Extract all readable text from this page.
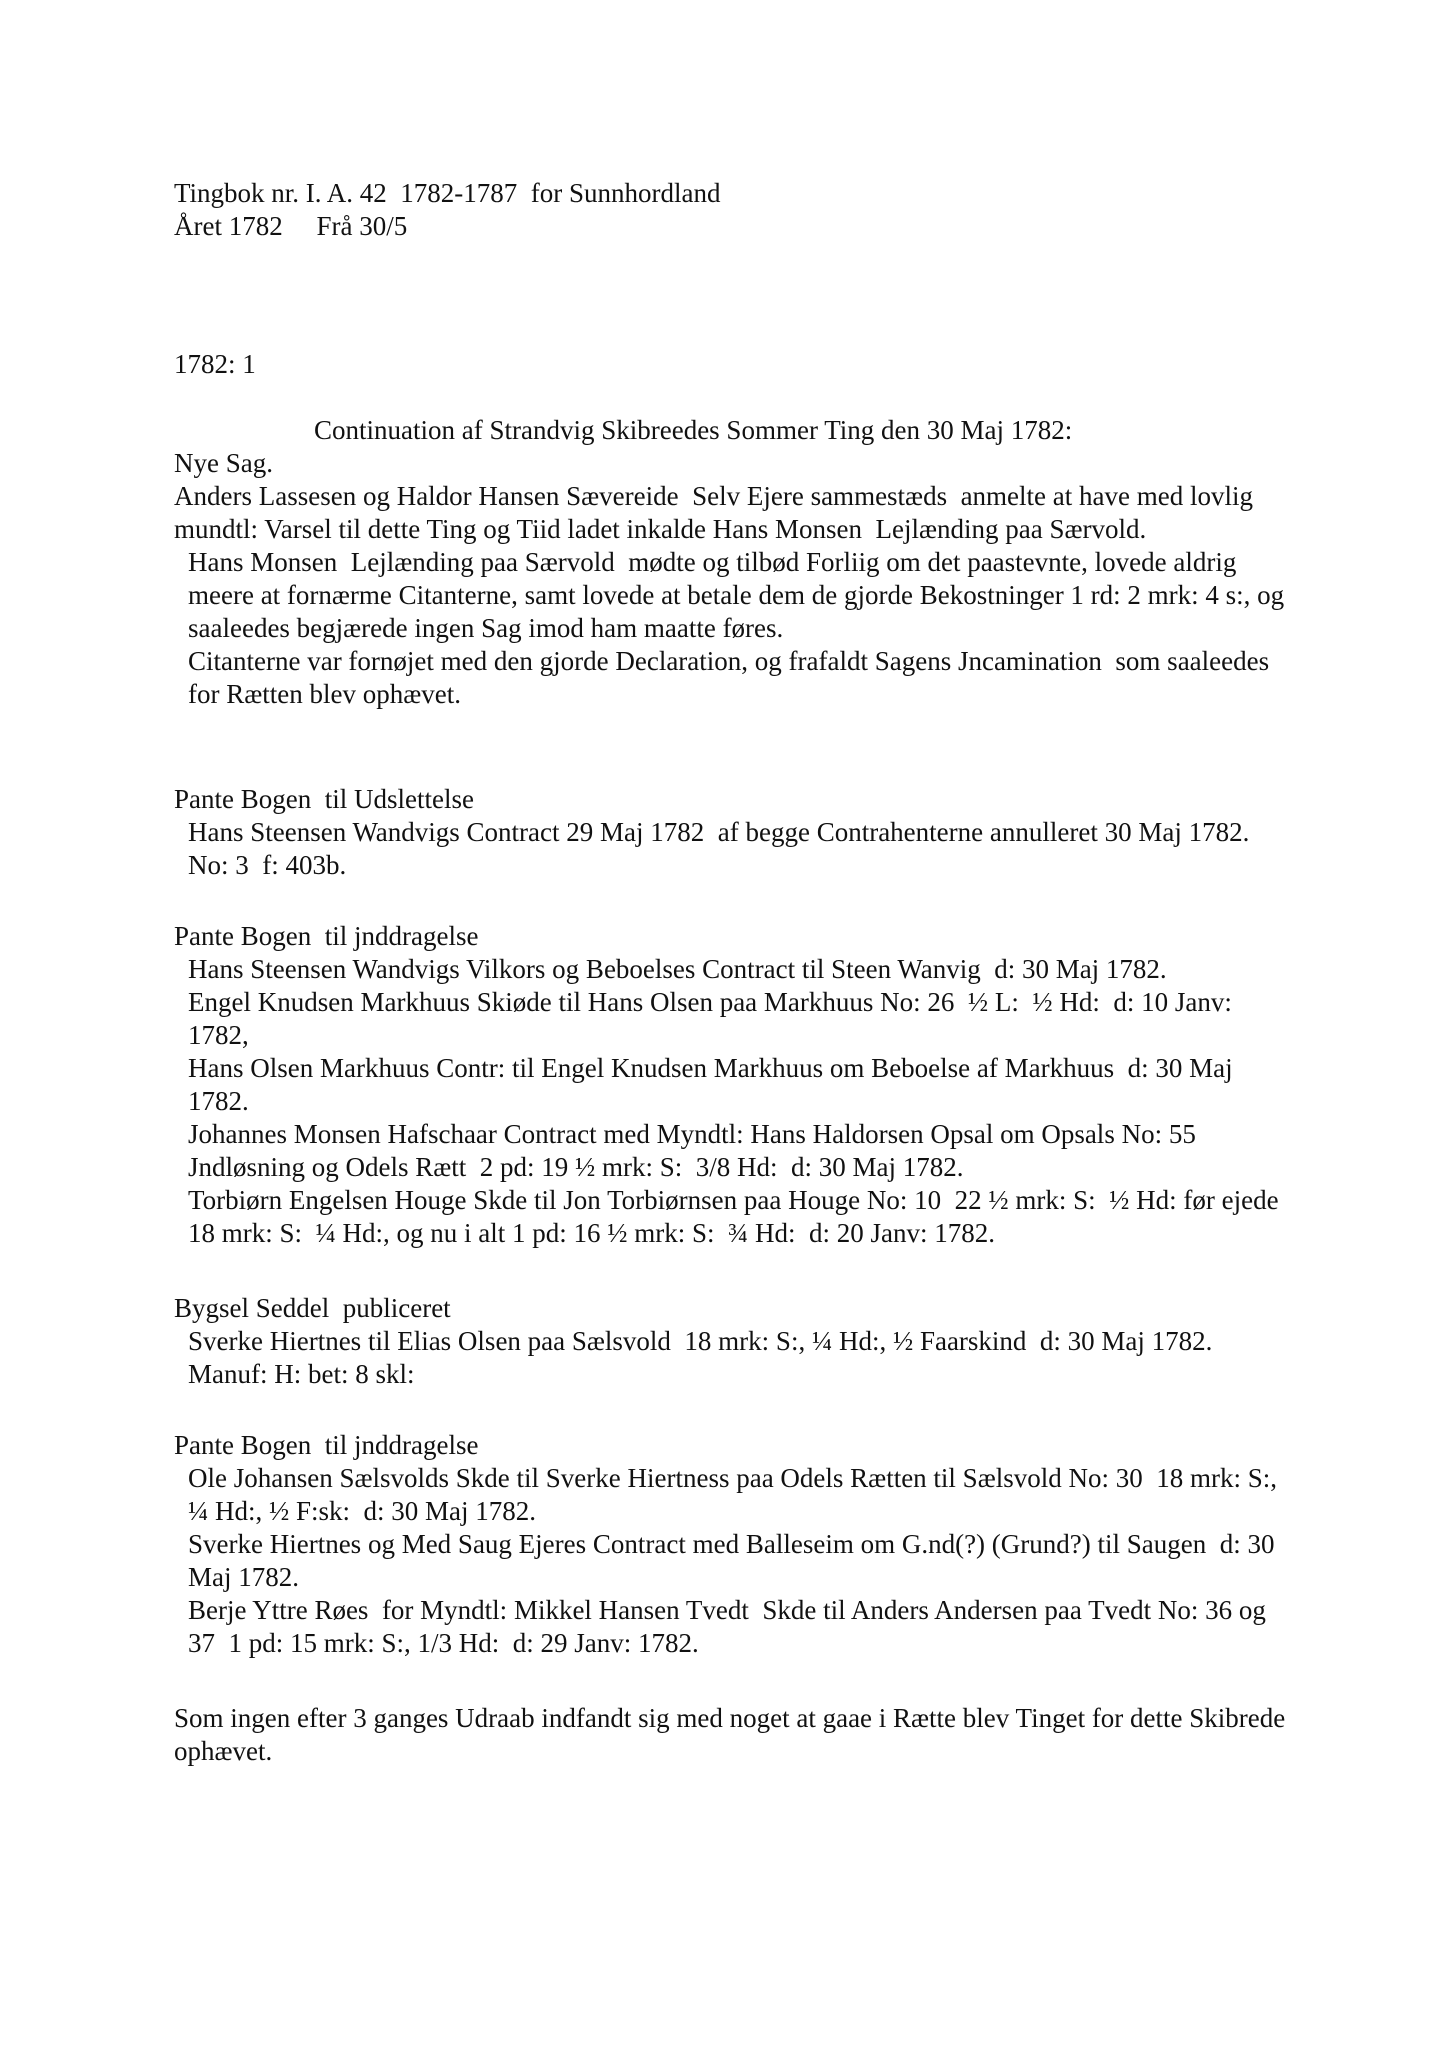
Tingbok nr. I. A. 42  1782-1787  for Sunnhordland
Året 1782     Frå 30/5
1782: 1
Continuation af Strandvig Skibreedes Sommer Ting den 30 Maj 1782:
Nye Sag.
Anders Lassesen og Haldor Hansen Sævereide  Selv Ejere sammestæds  anmelte at have med lovlig mundtl: Varsel til dette Ting og Tiid ladet inkalde Hans Monsen  Lejlænding paa Særvold.
Hans Monsen  Lejlænding paa Særvold  mødte og tilbød Forliig om det paastevnte, lovede aldrig meere at fornærme Citanterne, samt lovede at betale dem de gjorde Bekostninger 1 rd: 2 mrk: 4 s:, og saaleedes begjærede ingen Sag imod ham maatte føres.
Citanterne var fornøjet med den gjorde Declaration, og frafaldt Sagens Jncamination  som saaleedes for Rætten blev ophævet.
Pante Bogen  til Udslettelse
Hans Steensen Wandvigs Contract 29 Maj 1782  af begge Contrahenterne annulleret 30 Maj 1782.  No: 3  f: 403b.
Pante Bogen  til jnddragelse
Hans Steensen Wandvigs Vilkors og Beboelses Contract til Steen Wanvig  d: 30 Maj 1782.
Engel Knudsen Markhuus Skiøde til Hans Olsen paa Markhuus No: 26  ½ L:  ½ Hd:  d: 10 Janv: 1782,
Hans Olsen Markhuus Contr: til Engel Knudsen Markhuus om Beboelse af Markhuus  d: 30 Maj 1782.
Johannes Monsen Hafschaar Contract med Myndtl: Hans Haldorsen Opsal om Opsals No: 55 Jndløsning og Odels Rætt  2 pd: 19 ½ mrk: S:  3/8 Hd:  d: 30 Maj 1782.
Torbiørn Engelsen Houge Skde til Jon Torbiørnsen paa Houge No: 10  22 ½ mrk: S:  ½ Hd: før ejede 18 mrk: S:  ¼ Hd:, og nu i alt 1 pd: 16 ½ mrk: S:  ¾ Hd:  d: 20 Janv: 1782.
Bygsel Seddel  publiceret
Sverke Hiertnes til Elias Olsen paa Sælsvold  18 mrk: S:, ¼ Hd:, ½ Faarskind  d: 30 Maj 1782.        Manuf: H: bet: 8 skl:
Pante Bogen  til jnddragelse
Ole Johansen Sælsvolds Skde til Sverke Hiertness paa Odels Rætten til Sælsvold No: 30  18 mrk: S:, ¼ Hd:, ½ F:sk:  d: 30 Maj 1782.
Sverke Hiertnes og Med Saug Ejeres Contract med Balleseim om G.nd(?) (Grund?) til Saugen  d: 30 Maj 1782.
Berje Yttre Røes  for Myndtl: Mikkel Hansen Tvedt  Skde til Anders Andersen paa Tvedt No: 36 og 37  1 pd: 15 mrk: S:, 1/3 Hd:  d: 29 Janv: 1782.
Som ingen efter 3 ganges Udraab indfandt sig med noget at gaae i Rætte blev Tinget for dette Skibrede ophævet.
